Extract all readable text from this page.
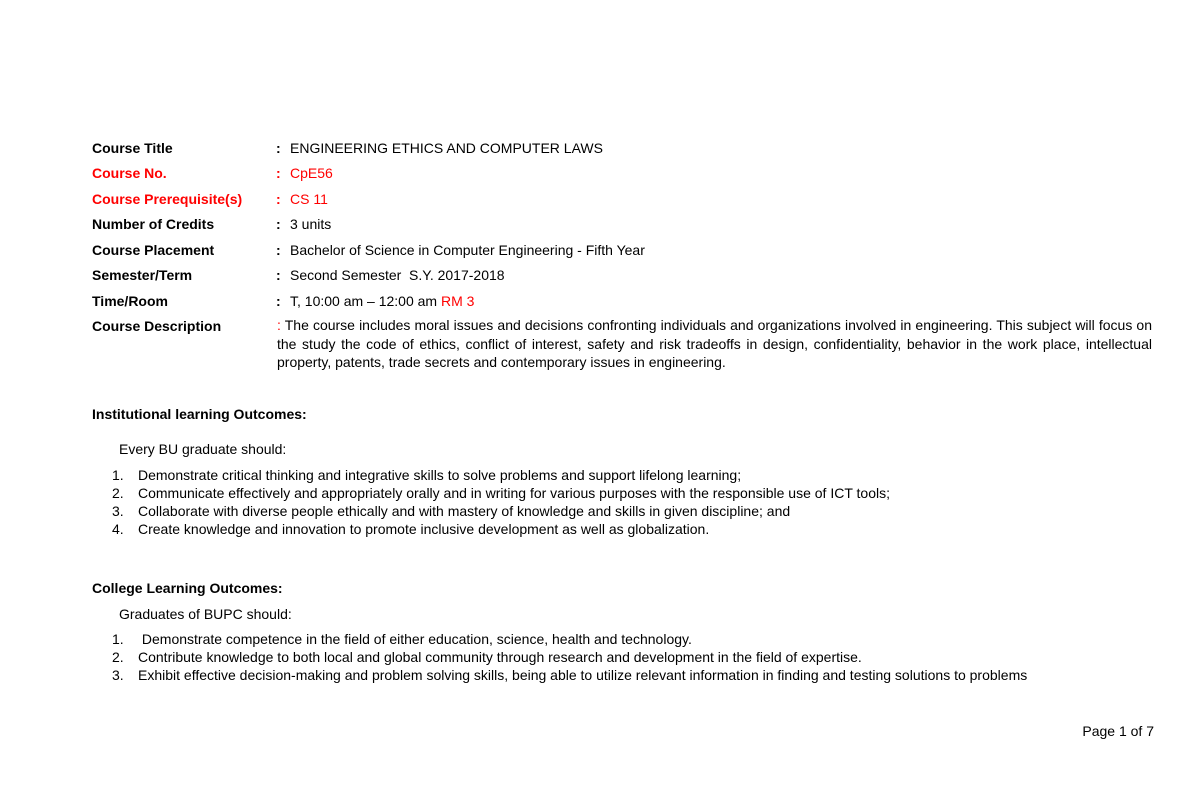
Course Title	: ENGINEERING ETHICS AND COMPUTER LAWS
Course No.	: CpE56
Course Prerequisite(s) : CS 11
Number of Credits	: 3 units
Course Placement	: Bachelor of Science in Computer Engineering - Fifth Year
Semester/Term	: Second Semester  S.Y. 2017-2018
Time/Room	: T, 10:00 am – 12:00 am RM 3
Course Description	: The course includes moral issues and decisions confronting individuals and organizations involved in engineering. This subject will focus on the study the code of ethics, conflict of interest, safety and risk tradeoffs in design, confidentiality, behavior in the work place, intellectual property, patents, trade secrets and contemporary issues in engineering.
Institutional learning Outcomes:
Every BU graduate should:
1. Demonstrate critical thinking and integrative skills to solve problems and support lifelong learning;
2. Communicate effectively and appropriately orally and in writing for various purposes with the responsible use of ICT tools;
3. Collaborate with diverse people ethically and with mastery of knowledge and skills in given discipline; and
4. Create knowledge and innovation to promote inclusive development as well as globalization.
College Learning Outcomes:
Graduates of BUPC should:
1. Demonstrate competence in the field of either education, science, health and technology.
2. Contribute knowledge to both local and global community through research and development in the field of expertise.
3. Exhibit effective decision-making and problem solving skills, being able to utilize relevant information in finding and testing solutions to problems
Page 1 of 7
